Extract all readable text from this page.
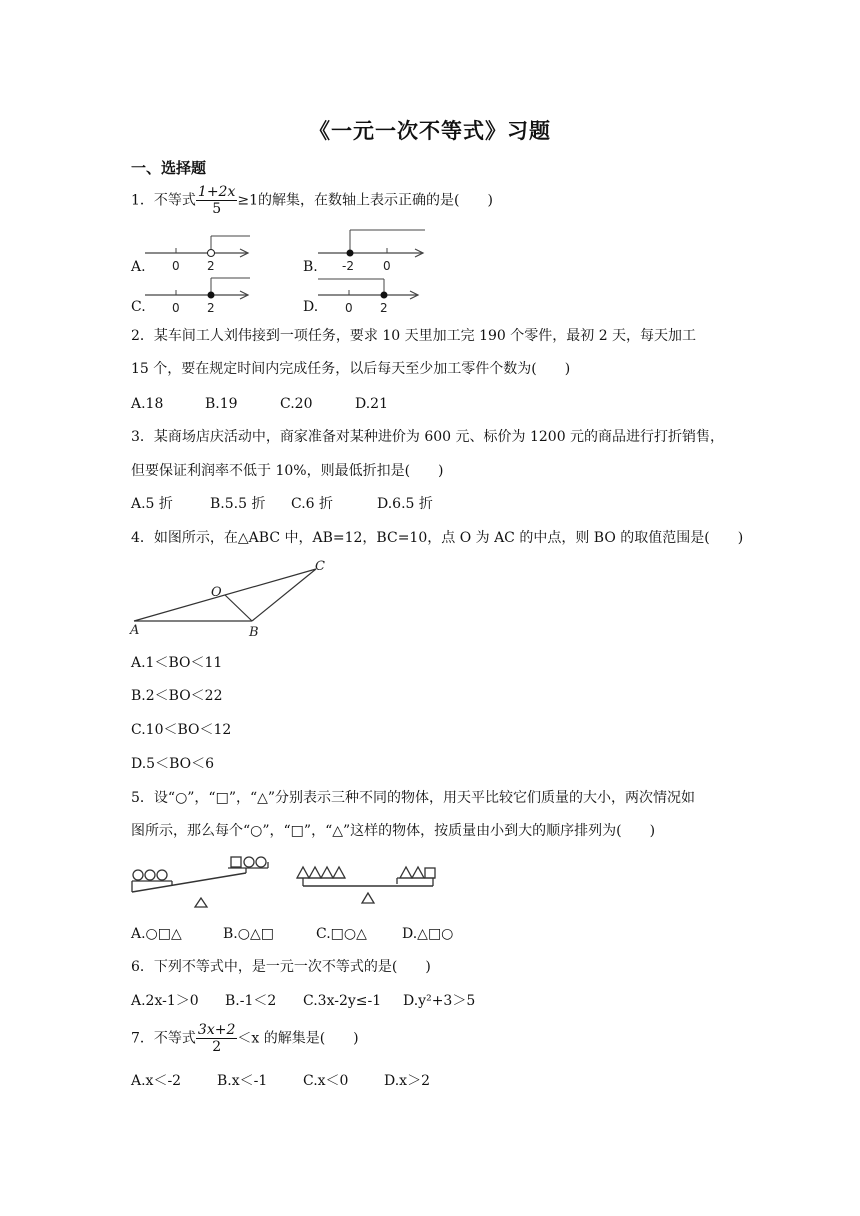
《一元一次不等式》习题
一、选择题
1．不等式 $\frac{1+2x}{5} \ge 1$的解集，在数轴上表示正确的是(　　)
A. 0 2	B. -2 0
C. 0 2	D. 0 2
2．某车间工人刘伟接到一项任务，要求 10 天里加工完 190 个零件，最初 2 天，每天加工
15 个，要在规定时间内完成任务，以后每天至少加工零件个数为(　　)
A.18	B.19	C.20	D.21
3．某商场店庆活动中，商家准备对某种进价为 600 元、标价为 1200 元的商品进行打折销售，
但要保证利润率不低于 10%，则最低折扣是(　　)
A.5 折	B.5.5 折 C.6 折	D.6.5 折
4．如图所示，在△ABC 中，AB=12，BC=10，点 O 为 AC 的中点，则 BO 的取值范围是(　　)
A	B
C
O
A.1＜BO＜11
B.2＜BO＜22
C.10＜BO＜12
D.5＜BO＜6
5．设“○”，“□”，“△”分别表示三种不同的物体，用天平比较它们质量的大小，两次情况如
图所示，那么每个“○”，“□”，“△”这样的物体，按质量由小到大的顺序排列为(　　)
A.○□△	B.○△□	C.□○△	D.△□○
6．下列不等式中，是一元一次不等式的是(　　)
A.2x-1＞0 B.-1＜2 C.3x-2y≤-1 D.y²+3＞5
7．不等式 $\frac{3x+2}{2} <x$ 的解集是(　　)
A.x＜-2	B.x＜-1	C.x＜0	D.x＞2
